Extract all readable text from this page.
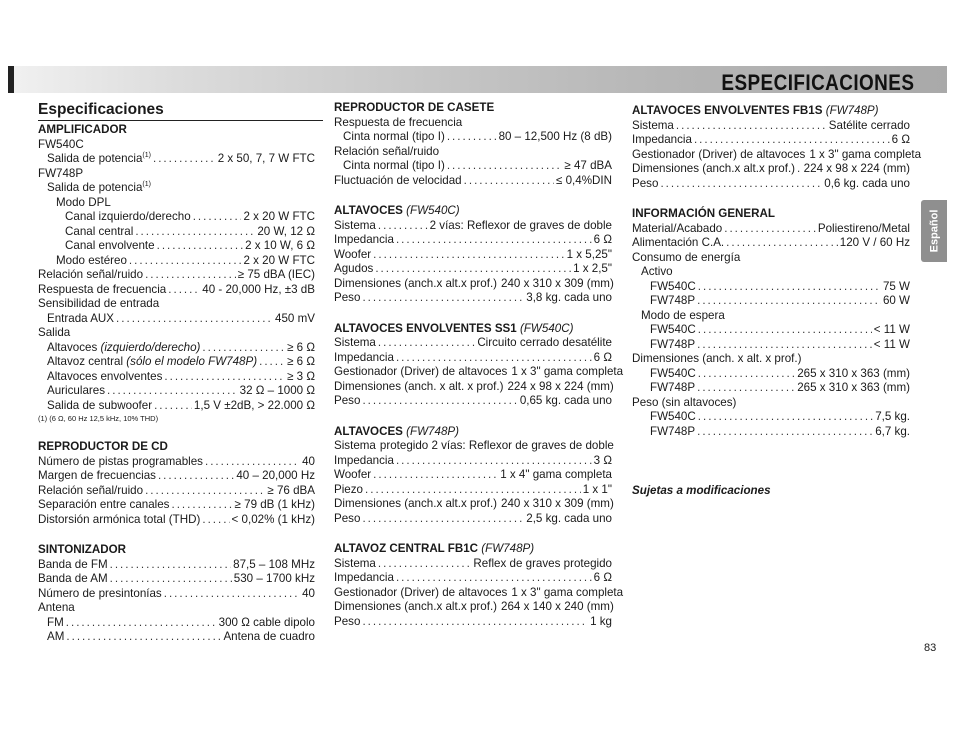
ESPECIFICACIONES
Especificaciones
AMPLIFICADOR
FW540C
Salida de potencia$^{(1)}$ .....	2 x 50, 7, 7 W FTC
FW748P
Salida de potencia$^{(1)}$
Modo DPL
Canal izquierdo/derecho .....	2 x 20 W FTC
Canal central .....	20 W, 12 Ω
Canal envolvente .....	2 x 10 W, 6 Ω
Modo estéreo .....	2 x 20 W FTC
Relación señal/ruido .....	≥ 75 dBA (IEC)
Respuesta de frecuencia .....	40 - 20,000 Hz, ±3 dB
Sensibilidad de entrada
Entrada AUX .....	450 mV
Salida
Altavoces (izquierdo/derecho) .....	≥ 6 Ω
Altavoz central (sólo el modelo FW748P) .....	≥ 6 Ω
Altavoces envolventes .....	≥ 3 Ω
Auriculares .....	32 Ω – 1000 Ω
Salida de subwoofer .....	1,5 V ±2dB, > 22.000 Ω
(1) (6 Ω, 60 Hz 12,5 kHz, 10% THD)
REPRODUCTOR DE CD
Número de pistas programables .....	40
Margen de frecuencias .....	40 – 20,000 Hz
Relación señal/ruido .....	≥ 76 dBA
Separación entre canales .....	≥ 79 dB (1 kHz)
Distorsión armónica total (THD) .....	< 0,02% (1 kHz)
SINTONIZADOR
Banda de FM .....	87,5 – 108 MHz
Banda de AM .....	530 – 1700 kHz
Número de presintonías .....	40
Antena
FM .....	300 Ω cable dipolo
AM .....	Antena de cuadro
REPRODUCTOR DE CASETE
Respuesta de frecuencia
Cinta normal (tipo I) .....	80 – 12,500 Hz (8 dB)
Relación señal/ruido
Cinta normal (tipo I) .....	≥ 47 dBA
Fluctuación de velocidad .....	≤ 0,4%DIN
ALTAVOCES (FW540C)
Sistema .....	2 vías: Reflexor de graves de doble
Impedancia .....	6 Ω
Woofer .....	1 x 5,25"
Agudos .....	1 x 2,5"
Dimensiones (anch.x alt.x prof.) 240 x 310 x 309 (mm)
Peso .....	3,8 kg. cada uno
ALTAVOCES ENVOLVENTES SS1 (FW540C)
Sistema .....	Circuito cerrado desatélite
Impedancia .....	6 Ω
Gestionador (Driver) de altavoces 1 x 3" gama completa
Dimensiones (anch. x alt. x prof.) 224 x 98 x 224 (mm)
Peso .....	0,65 kg. cada uno
ALTAVOCES (FW748P)
Sistema protegido 2 vías: Reflexor de graves de doble
Impedancia .....	3 Ω
Woofer .....	1 x 4" gama completa
Piezo .....	1 x 1"
Dimensiones (anch.x alt.x prof.) 240 x 310 x 309 (mm)
Peso .....	2,5 kg. cada uno
ALTAVOZ CENTRAL FB1C (FW748P)
Sistema .....	Reflex de graves protegido
Impedancia .....	6 Ω
Gestionador (Driver) de altavoces 1 x 3" gama completa
Dimensiones (anch.x alt.x prof.) 264 x 140 x 240 (mm)
Peso .....	1 kg
ALTAVOCES ENVOLVENTES FB1S (FW748P)
Sistema .....	Satélite cerrado
Impedancia .....	6 Ω
Gestionador (Driver) de altavoces 1 x 3" gama completa
Dimensiones (anch.x alt.x prof.) ..... 224 x 98 x 224 (mm)
Peso .....	0,6 kg. cada uno
INFORMACIÓN GENERAL
Material/Acabado .....	Poliestireno/Metal
Alimentación C.A. .....	120 V / 60 Hz
Consumo de energía
Activo
FW540C .....	75 W
FW748P .....	60 W
Modo de espera
FW540C .....	< 11 W
FW748P .....	< 11 W
Dimensiones (anch. x alt. x prof.)
FW540C .....	265 x 310 x 363 (mm)
FW748P .....	265 x 310 x 363 (mm)
Peso (sin altavoces)
FW540C .....	7,5 kg.
FW748P .....	6,7 kg.
Sujetas a modificaciones
Español
83
